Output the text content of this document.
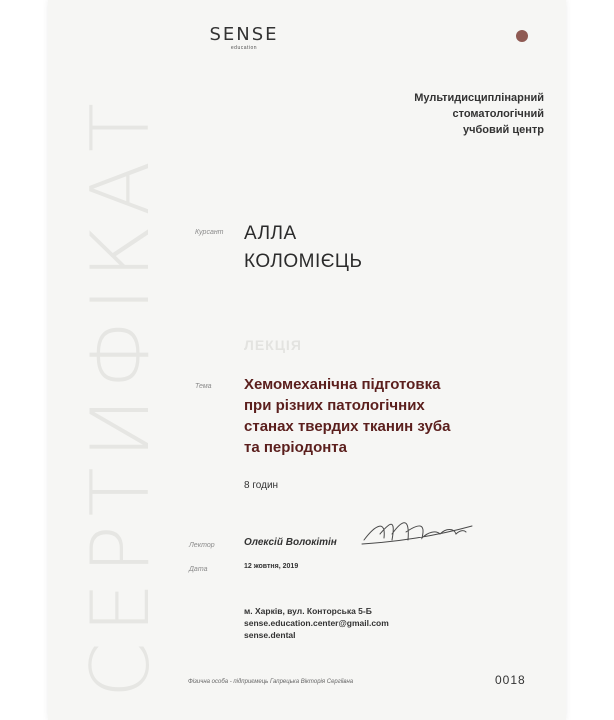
СЕРТИФІКАТ
SENSE
education
Мультидисциплінарний
стоматологічний
учбовий центр
Курсант АЛЛА
КОЛОМІЄЦЬ
ЛЕКЦІЯ
Тема Хемомеханічна підготовка
при різних патологічних
станах твердих тканин зуба
та періодонта
8 годин
Лектор	Олексій Волокітін
Дата	12 жовтня, 2019
м. Харків, вул. Конторська 5-Б
sense.education.center@gmail.com
sense.dental
Фізична особа - підприємець Гапрецька Вікторія Сергіївна	0018
